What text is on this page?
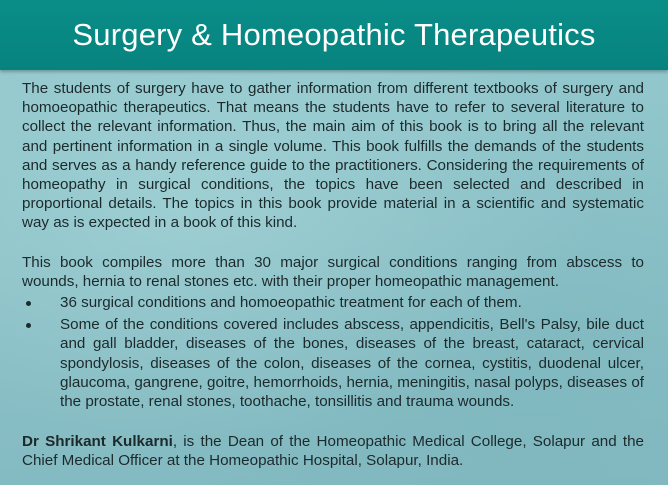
Surgery & Homeopathic Therapeutics

The students of surgery have to gather information from different textbooks of surgery and homoeopathic therapeutics. That means the students have to refer to several literature to collect the relevant information. Thus, the main aim of this book is to bring all the relevant and pertinent information in a single volume. This book fulfills the demands of the students and serves as a handy reference guide to the practitioners. Considering the requirements of homeopathy in surgical conditions, the topics have been selected and described in proportional details. The topics in this book provide material in a scientific and systematic way as is expected in a book of this kind.

This book compiles more than 30 major surgical conditions ranging from abscess to wounds, hernia to renal stones etc. with their proper homeopathic management.

36 surgical conditions and homoeopathic treatment for each of them.
Some of the conditions covered includes abscess, appendicitis, Bell's Palsy, bile duct and gall bladder, diseases of the bones, diseases of the breast, cataract, cervical spondylosis, diseases of the colon, diseases of the cornea, cystitis, duodenal ulcer, glaucoma, gangrene, goitre, hemorrhoids, hernia, meningitis, nasal polyps, diseases of the prostate, renal stones, toothache, tonsillitis and trauma wounds.

Dr Shrikant Kulkarni, is the Dean of the Homeopathic Medical College, Solapur and the Chief Medical Officer at the Homeopathic Hospital, Solapur, India.
